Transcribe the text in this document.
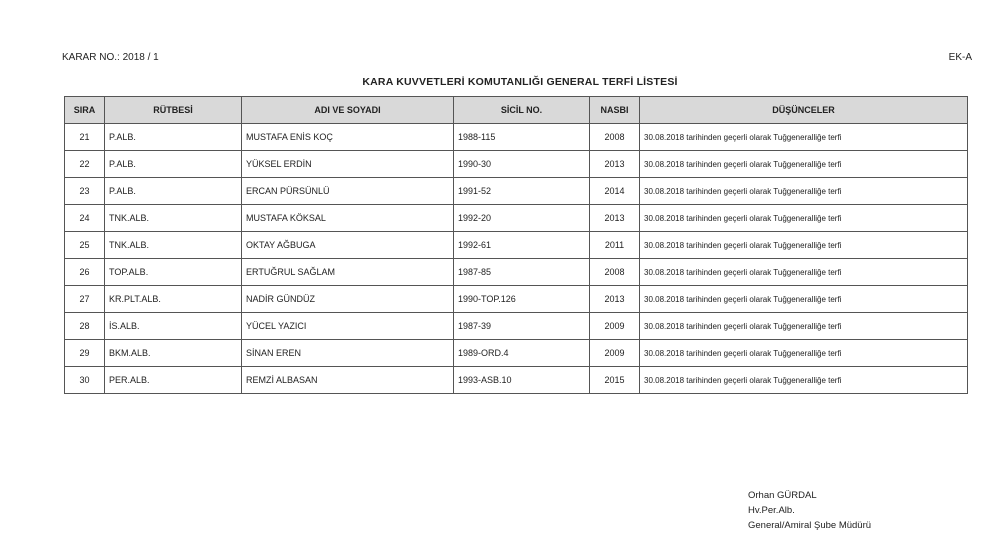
KARAR NO.: 2018 / 1	EK-A
KARA KUVVETLERİ KOMUTANLIĞI GENERAL TERFİ LİSTESİ
SIRA	RÜTBESİ	ADI VE SOYADI	SİCİL NO.	NASBI	DÜŞÜNCELER
21	P.ALB.	MUSTAFA ENİS KOÇ	1988-115	2008	30.08.2018 tarihinden geçerli olarak Tuğgeneralliğe terfi
22	P.ALB.	YÜKSEL ERDİN	1990-30	2013	30.08.2018 tarihinden geçerli olarak Tuğgeneralliğe terfi
23	P.ALB.	ERCAN PÜRSÜNLÜ	1991-52	2014	30.08.2018 tarihinden geçerli olarak Tuğgeneralliğe terfi
24	TNK.ALB.	MUSTAFA KÖKSAL	1992-20	2013	30.08.2018 tarihinden geçerli olarak Tuğgeneralliğe terfi
25	TNK.ALB.	OKTAY AĞBUGA	1992-61	2011	30.08.2018 tarihinden geçerli olarak Tuğgeneralliğe terfi
26	TOP.ALB.	ERTUĞRUL SAĞLAM	1987-85	2008	30.08.2018 tarihinden geçerli olarak Tuğgeneralliğe terfi
27	KR.PLT.ALB.	NADİR GÜNDÜZ	1990-TOP.126	2013	30.08.2018 tarihinden geçerli olarak Tuğgeneralliğe terfi
28	İS.ALB.	YÜCEL YAZICI	1987-39	2009	30.08.2018 tarihinden geçerli olarak Tuğgeneralliğe terfi
29	BKM.ALB.	SİNAN EREN	1989-ORD.4	2009	30.08.2018 tarihinden geçerli olarak Tuğgeneralliğe terfi
30	PER.ALB.	REMZİ ALBASAN	1993-ASB.10	2015	30.08.2018 tarihinden geçerli olarak Tuğgeneralliğe terfi
Orhan GÜRDAL
Hv.Per.Alb.
General/Amiral Şube Müdürü
